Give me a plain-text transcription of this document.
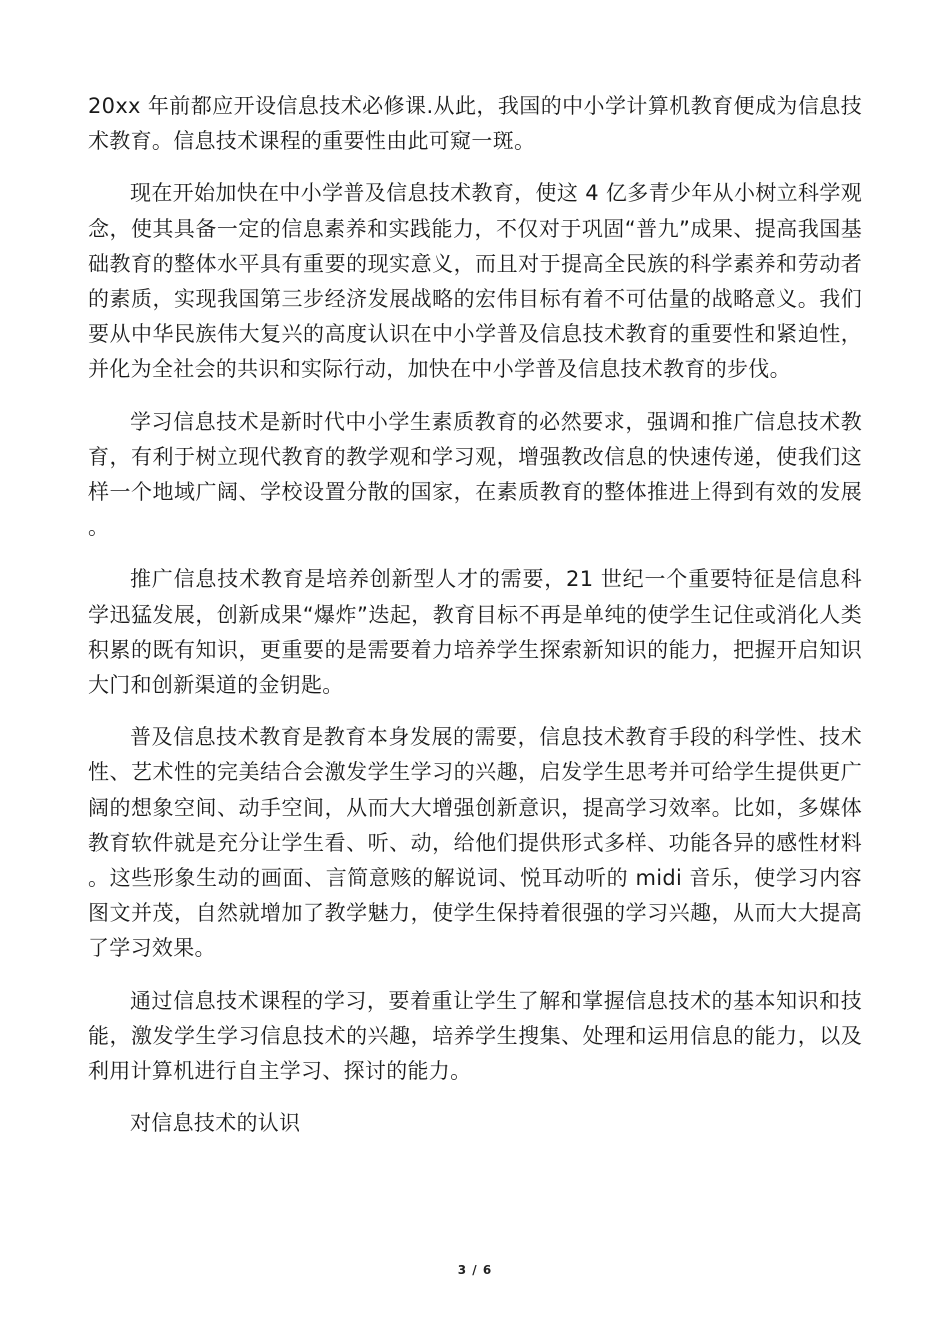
20xx 年前都应开设信息技术必修课.从此，我国的中小学计算机教育便成为信息技术教育。信息技术课程的重要性由此可窥一斑。

现在开始加快在中小学普及信息技术教育，使这 4 亿多青少年从小树立科学观念，使其具备一定的信息素养和实践能力，不仅对于巩固“普九”成果、提高我国基础教育的整体水平具有重要的现实意义，而且对于提高全民族的科学素养和劳动者的素质，实现我国第三步经济发展战略的宏伟目标有着不可估量的战略意义。我们要从中华民族伟大复兴的高度认识在中小学普及信息技术教育的重要性和紧迫性，并化为全社会的共识和实际行动，加快在中小学普及信息技术教育的步伐。

学习信息技术是新时代中小学生素质教育的必然要求，强调和推广信息技术教育，有利于树立现代教育的教学观和学习观，增强教改信息的快速传递，使我们这样一个地域广阔、学校设置分散的国家，在素质教育的整体推进上得到有效的发展。

推广信息技术教育是培养创新型人才的需要，21 世纪一个重要特征是信息科学迅猛发展，创新成果“爆炸”迭起，教育目标不再是单纯的使学生记住或消化人类积累的既有知识，更重要的是需要着力培养学生探索新知识的能力，把握开启知识大门和创新渠道的金钥匙。

普及信息技术教育是教育本身发展的需要，信息技术教育手段的科学性、技术性、艺术性的完美结合会激发学生学习的兴趣，启发学生思考并可给学生提供更广阔的想象空间、动手空间，从而大大增强创新意识，提高学习效率。比如，多媒体教育软件就是充分让学生看、听、动，给他们提供形式多样、功能各异的感性材料。这些形象生动的画面、言简意赅的解说词、悦耳动听的 midi 音乐，使学习内容图文并茂，自然就增加了教学魅力，使学生保持着很强的学习兴趣，从而大大提高了学习效果。

通过信息技术课程的学习，要着重让学生了解和掌握信息技术的基本知识和技能，激发学生学习信息技术的兴趣，培养学生搜集、处理和运用信息的能力，以及利用计算机进行自主学习、探讨的能力。

对信息技术的认识

3 / 6
